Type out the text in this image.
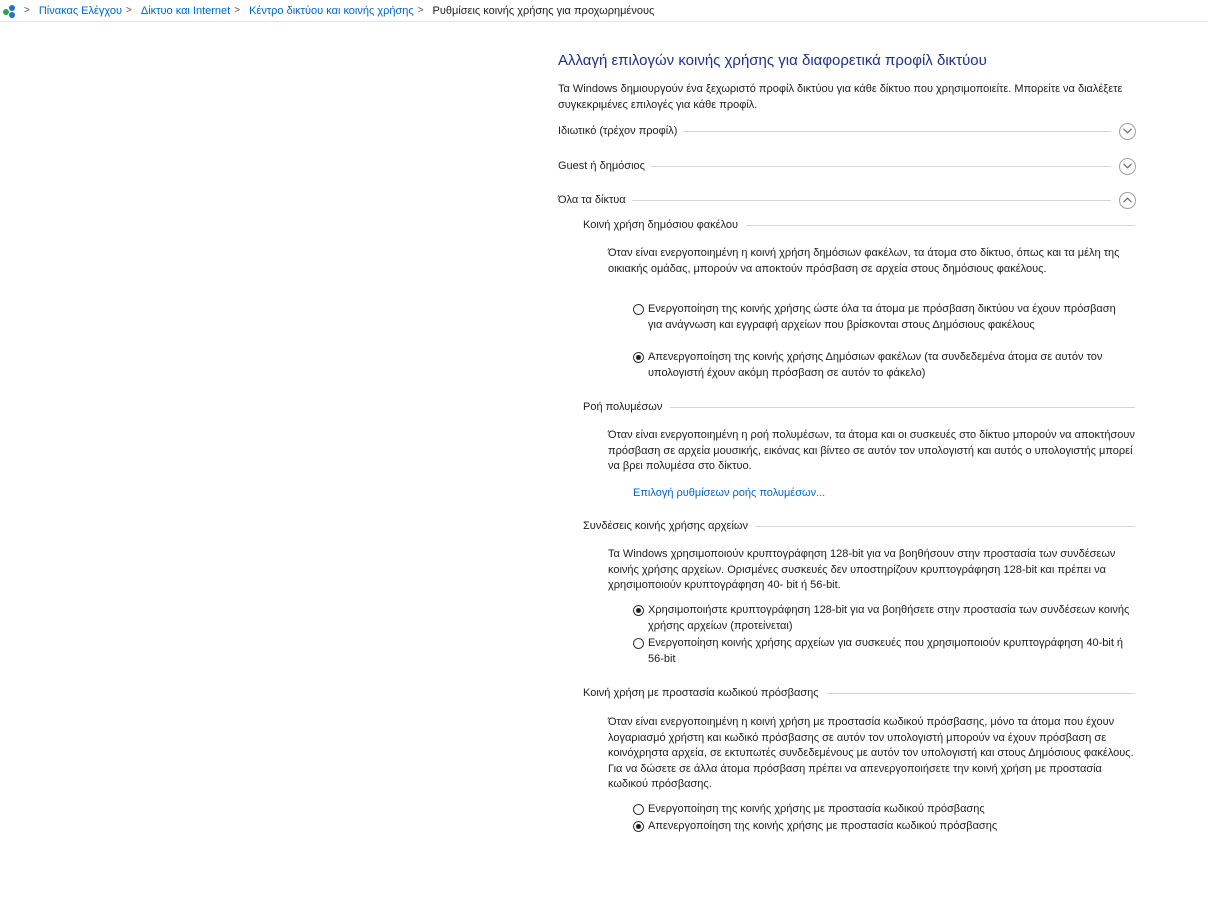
> Πίνακας Ελέγχου > Δίκτυο και Internet > Κέντρο δικτύου και κοινής χρήσης > Ρυθμίσεις κοινής χρήσης για προχωρημένους
Αλλαγή επιλογών κοινής χρήσης για διαφορετικά προφίλ δικτύου

Τα Windows δημιουργούν ένα ξεχωριστό προφίλ δικτύου για κάθε δίκτυο που χρησιμοποιείτε. Μπορείτε να διαλέξετε συγκεκριμένες επιλογές για κάθε προφίλ.

Ιδιωτικό (τρέχον προφίλ)
Guest ή δημόσιος
Όλα τα δίκτυα
Κοινή χρήση δημόσιου φακέλου
Όταν είναι ενεργοποιημένη η κοινή χρήση δημόσιων φακέλων, τα άτομα στο δίκτυο, όπως και τα μέλη της οικιακής ομάδας, μπορούν να αποκτούν πρόσβαση σε αρχεία στους δημόσιους φακέλους.
Ενεργοποίηση της κοινής χρήσης ώστε όλα τα άτομα με πρόσβαση δικτύου να έχουν πρόσβαση για ανάγνωση και εγγραφή αρχείων που βρίσκονται στους Δημόσιους φακέλους
Απενεργοποίηση της κοινής χρήσης Δημόσιων φακέλων (τα συνδεδεμένα άτομα σε αυτόν τον υπολογιστή έχουν ακόμη πρόσβαση σε αυτόν το φάκελο)
Ροή πολυμέσων
Όταν είναι ενεργοποιημένη η ροή πολυμέσων, τα άτομα και οι συσκευές στο δίκτυο μπορούν να αποκτήσουν πρόσβαση σε αρχεία μουσικής, εικόνας και βίντεο σε αυτόν τον υπολογιστή και αυτός ο υπολογιστής μπορεί να βρει πολυμέσα στο δίκτυο.
Επιλογή ρυθμίσεων ροής πολυμέσων...
Συνδέσεις κοινής χρήσης αρχείων
Τα Windows χρησιμοποιούν κρυπτογράφηση 128-bit για να βοηθήσουν στην προστασία των συνδέσεων κοινής χρήσης αρχείων. Ορισμένες συσκευές δεν υποστηρίζουν κρυπτογράφηση 128-bit και πρέπει να χρησιμοποιούν κρυπτογράφηση 40- bit ή 56-bit.
Χρησιμοποιήστε κρυπτογράφηση 128-bit για να βοηθήσετε στην προστασία των συνδέσεων κοινής χρήσης αρχείων (προτείνεται)
Ενεργοποίηση κοινής χρήσης αρχείων για συσκευές που χρησιμοποιούν κρυπτογράφηση 40-bit ή 56-bit
Κοινή χρήση με προστασία κωδικού πρόσβασης
Όταν είναι ενεργοποιημένη η κοινή χρήση με προστασία κωδικού πρόσβασης, μόνο τα άτομα που έχουν λογαριασμό χρήστη και κωδικό πρόσβασης σε αυτόν τον υπολογιστή μπορούν να έχουν πρόσβαση σε κοινόχρηστα αρχεία, σε εκτυπωτές συνδεδεμένους με αυτόν τον υπολογιστή και στους Δημόσιους φακέλους. Για να δώσετε σε άλλα άτομα πρόσβαση πρέπει να απενεργοποιήσετε την κοινή χρήση με προστασία κωδικού πρόσβασης.
Ενεργοποίηση της κοινής χρήσης με προστασία κωδικού πρόσβασης
Απενεργοποίηση της κοινής χρήσης με προστασία κωδικού πρόσβασης
